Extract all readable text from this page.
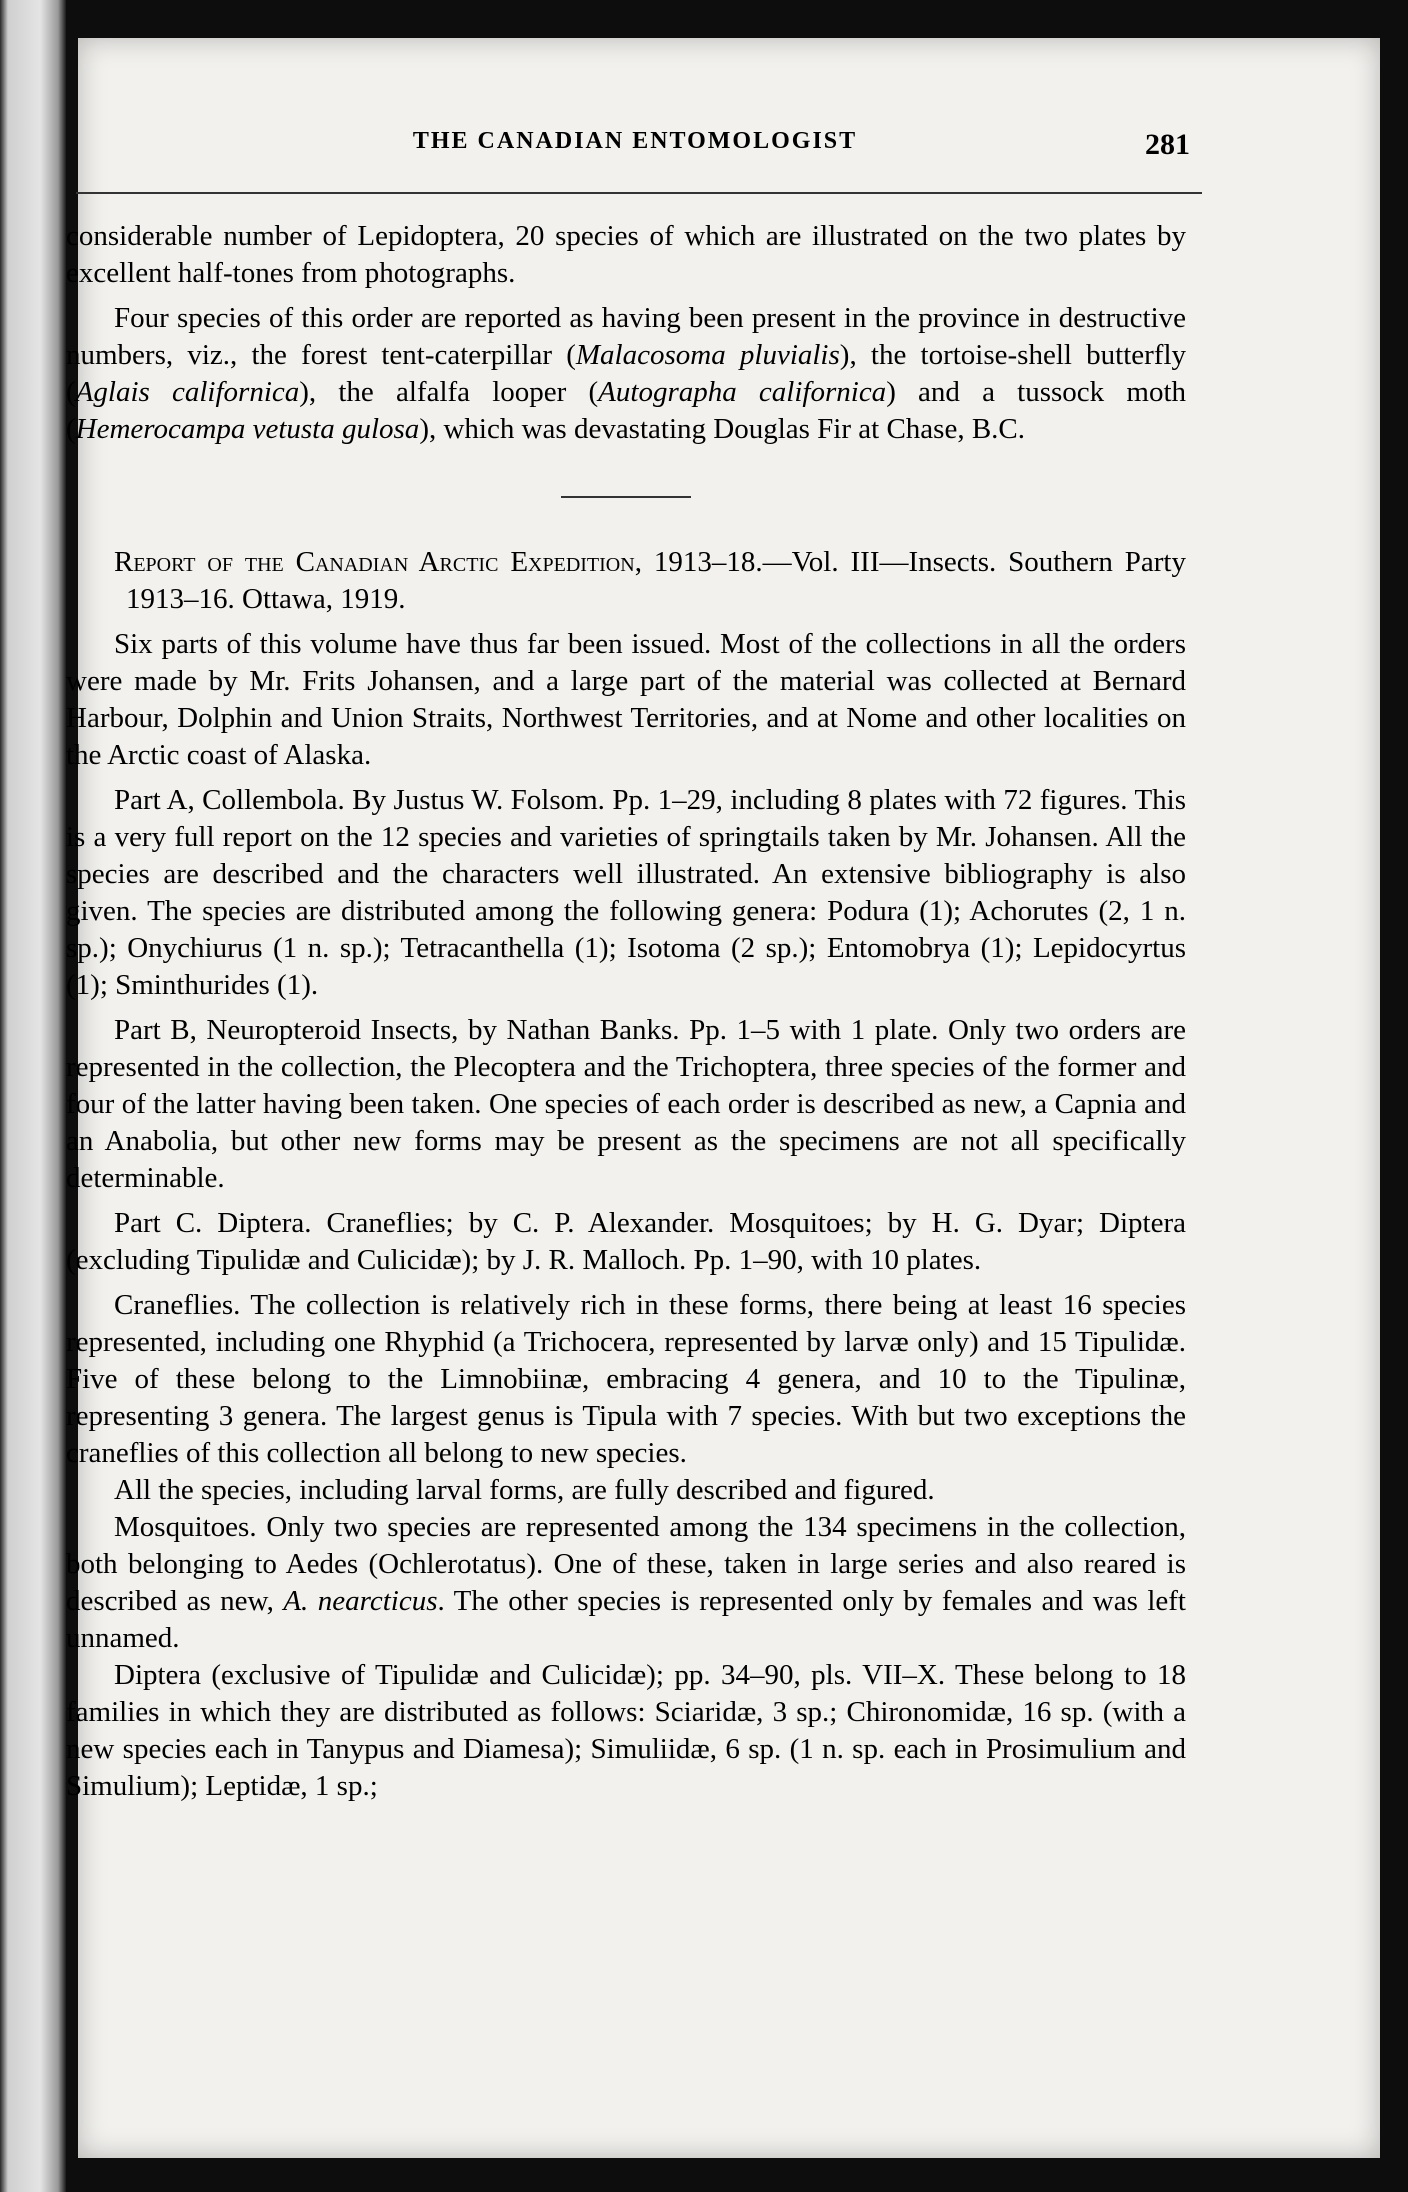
THE CANADIAN ENTOMOLOGIST	281

considerable number of Lepidoptera, 20 species of which are illustrated on the two plates by excellent half-tones from photographs.

Four species of this order are reported as having been present in the province in destructive numbers, viz., the forest tent-caterpillar (Malacosoma pluvialis), the tortoise-shell butterfly (Aglais californica), the alfalfa looper (Autographa californica) and a tussock moth (Hemerocampa vetusta gulosa), which was devastating Douglas Fir at Chase, B.C.

Report of the Canadian Arctic Expedition, 1913–18.—Vol. III—Insects. Southern Party 1913–16. Ottawa, 1919.

Six parts of this volume have thus far been issued. Most of the collections in all the orders were made by Mr. Frits Johansen, and a large part of the material was collected at Bernard Harbour, Dolphin and Union Straits, Northwest Territories, and at Nome and other localities on the Arctic coast of Alaska.

Part A, Collembola. By Justus W. Folsom. Pp. 1–29, including 8 plates with 72 figures. This is a very full report on the 12 species and varieties of springtails taken by Mr. Johansen. All the species are described and the characters well illustrated. An extensive bibliography is also given. The species are distributed among the following genera: Podura (1); Achorutes (2, 1 n. sp.); Onychiurus (1 n. sp.); Tetracanthella (1); Isotoma (2 sp.); Entomobrya (1); Lepidocyrtus (1); Sminthurides (1).

Part B, Neuropteroid Insects, by Nathan Banks. Pp. 1–5 with 1 plate. Only two orders are represented in the collection, the Plecoptera and the Trichoptera, three species of the former and four of the latter having been taken. One species of each order is described as new, a Capnia and an Anabolia, but other new forms may be present as the specimens are not all specifically determinable.

Part C. Diptera. Craneflies; by C. P. Alexander. Mosquitoes; by H. G. Dyar; Diptera (excluding Tipulidæ and Culicidæ); by J. R. Malloch. Pp. 1–90, with 10 plates.

Craneflies. The collection is relatively rich in these forms, there being at least 16 species represented, including one Rhyphid (a Trichocera, represented by larvæ only) and 15 Tipulidæ. Five of these belong to the Limnobiinæ, embracing 4 genera, and 10 to the Tipulinæ, representing 3 genera. The largest genus is Tipula with 7 species. With but two exceptions the craneflies of this collection all belong to new species.

All the species, including larval forms, are fully described and figured.

Mosquitoes. Only two species are represented among the 134 specimens in the collection, both belonging to Aedes (Ochlerotatus). One of these, taken in large series and also reared is described as new, A. nearcticus. The other species is represented only by females and was left unnamed.

Diptera (exclusive of Tipulidæ and Culicidæ); pp. 34–90, pls. VII–X. These belong to 18 families in which they are distributed as follows: Sciaridæ, 3 sp.; Chironomidæ, 16 sp. (with a new species each in Tanypus and Diamesa); Simuliidæ, 6 sp. (1 n. sp. each in Prosimulium and Simulium); Leptidæ, 1 sp.;
